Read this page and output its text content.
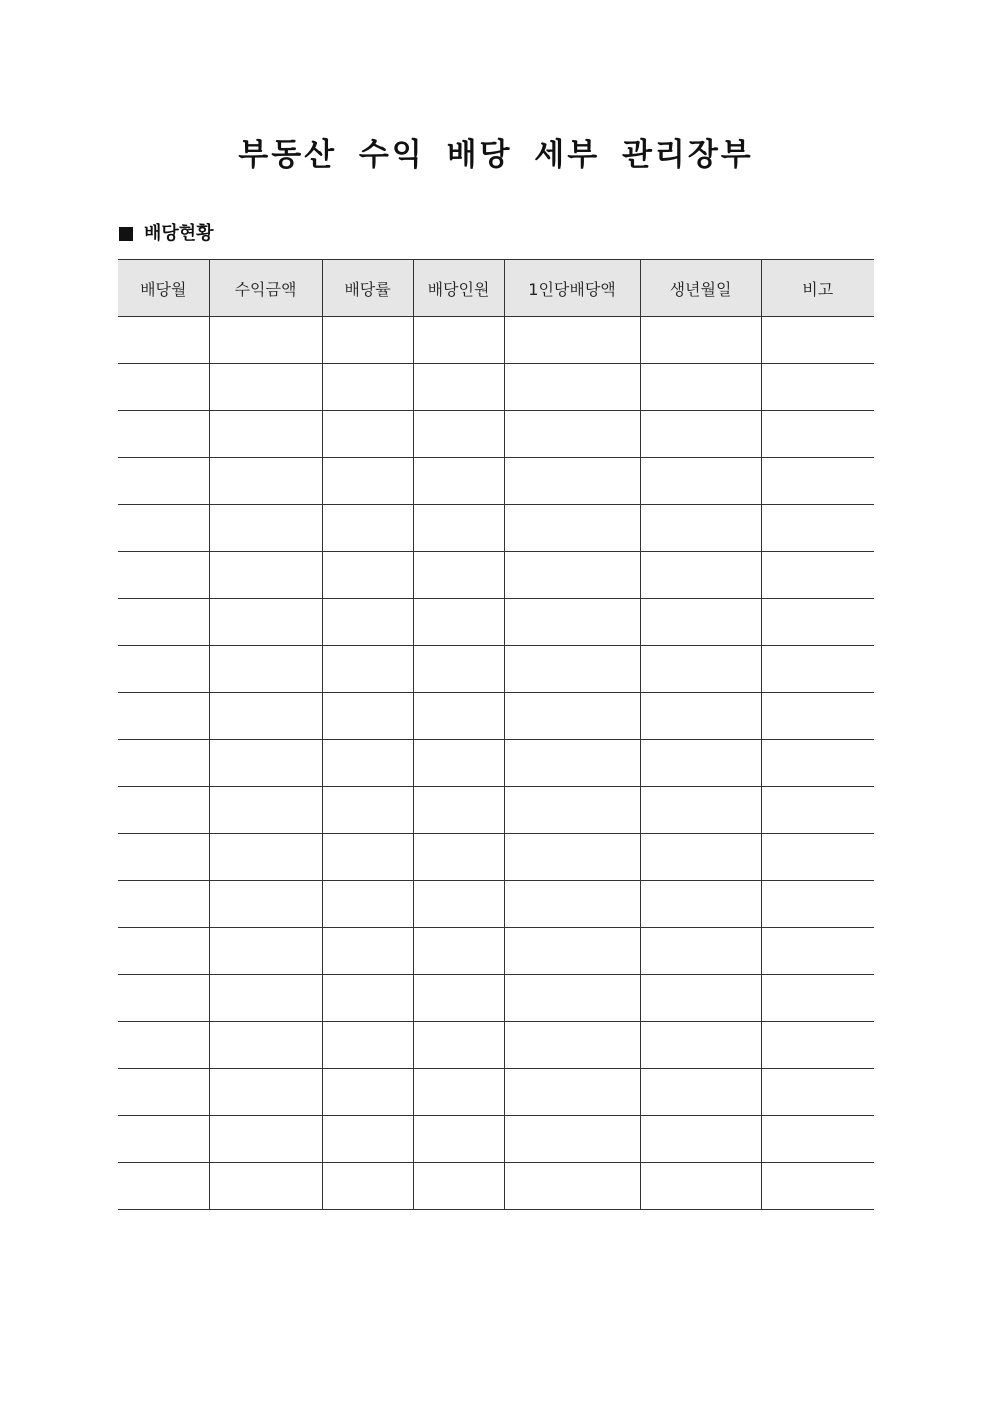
부동산 수익 배당 세부 관리장부
배당현황
배당월	수익금액	배당률	배당인원	1인당배당액	생년월일	비고
